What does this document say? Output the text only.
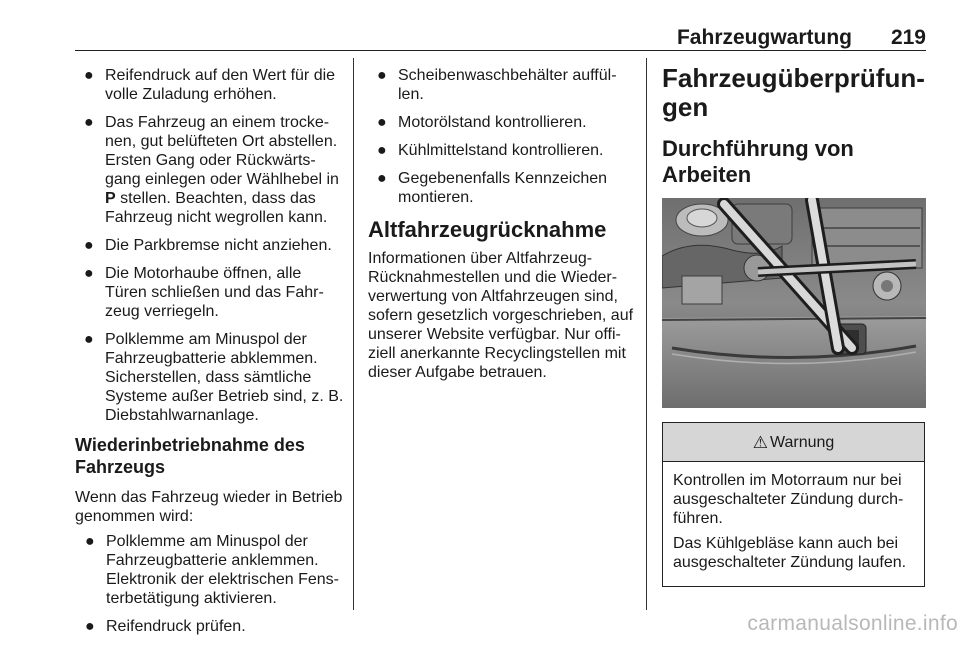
Fahrzeugwartung 219
● Reifendruck auf den Wert für die volle Zuladung erhöhen.
● Das Fahrzeug an einem trocke- nen, gut belüfteten Ort abstellen. Ersten Gang oder Rückwärts- gang einlegen oder Wählhebel in P stellen. Beachten, dass das Fahrzeug nicht wegrollen kann.
● Die Parkbremse nicht anziehen.
● Die Motorhaube öffnen, alle Türen schließen und das Fahrzeug verriegeln.
● Polklemme am Minuspol der Fahrzeugbatterie abklemmen. Sicherstellen, dass sämtliche Systeme außer Betrieb sind, z. B. Diebstahlwarnanlage.
Wiederinbetriebnahme des Fahrzeugs

Wenn das Fahrzeug wieder in Betrieb genommen wird:

● Polklemme am Minuspol der Fahrzeugbatterie anklemmen. Elektronik der elektrischen Fens- terbetätigung aktivieren.
● Reifendruck prüfen.
● Scheibenwaschbehälter auffül- len.
● Motorölstand kontrollieren.
● Kühlmittelstand kontrollieren.
● Gegebenenfalls Kennzeichen montieren.
Altfahrzeugrücknahme

Informationen über Altfahrzeug- Rücknahmestellen und die Wieder- verwertung von Altfahrzeugen sind, sofern gesetzlich vorgeschrieben, auf unserer Website verfügbar. Nur offi- ziell anerkannte Recyclingstellen mit dieser Aufgabe betrauen.

Fahrzeugüberprüfun- gen
Durchführung von Arbeiten
⚠ Warnung

Kontrollen im Motorraum nur bei ausgeschalteter Zündung durch- führen.

Das Kühlgebläse kann auch bei ausgeschalteter Zündung laufen.

carmanualsonline.info
